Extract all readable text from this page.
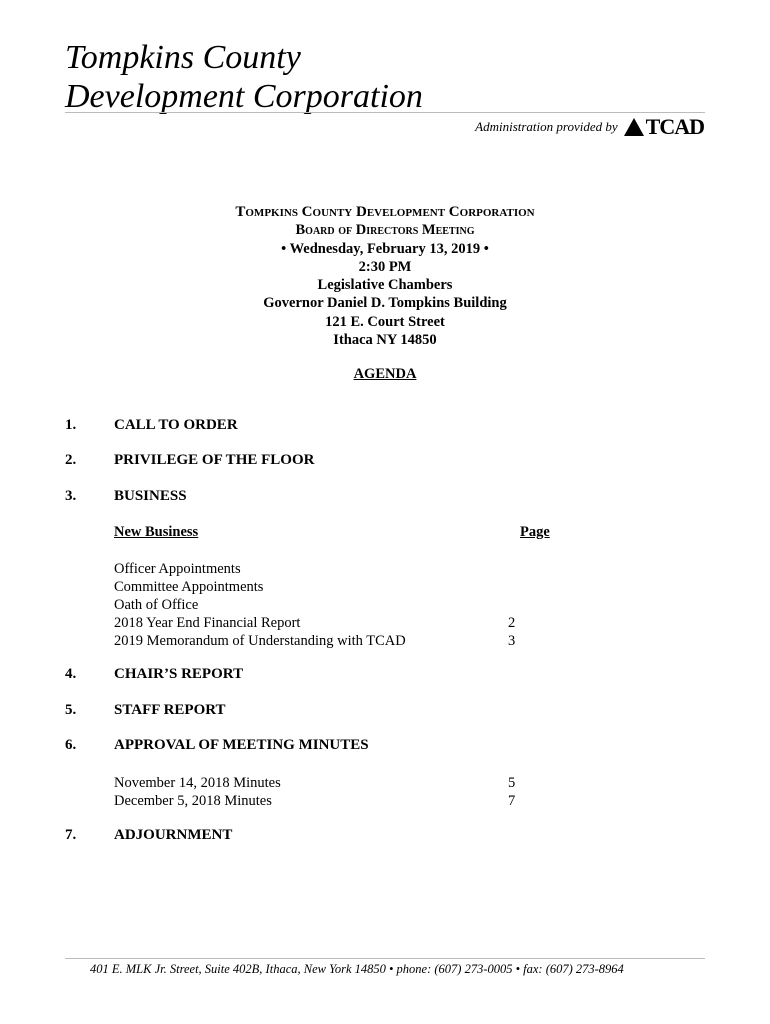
Tompkins County
Development Corporation
Administration provided by TCAD
Tompkins County Development Corporation
Board of Directors Meeting
• Wednesday, February 13, 2019 •
2:30 PM
Legislative Chambers
Governor Daniel D. Tompkins Building
121 E. Court Street
Ithaca NY 14850
AGENDA
1.	CALL TO ORDER
2.	PRIVILEGE OF THE FLOOR
3.	BUSINESS
New Business	Page
Officer Appointments
Committee Appointments
Oath of Office
2018 Year End Financial Report	2
2019 Memorandum of Understanding with TCAD	3
4.	CHAIR’S REPORT
5.	STAFF REPORT
6.	APPROVAL OF MEETING MINUTES
November 14, 2018 Minutes	5
December 5, 2018 Minutes	7
7.	ADJOURNMENT
401 E. MLK Jr. Street, Suite 402B, Ithaca, New York 14850 • phone: (607) 273-0005 • fax: (607) 273-8964
